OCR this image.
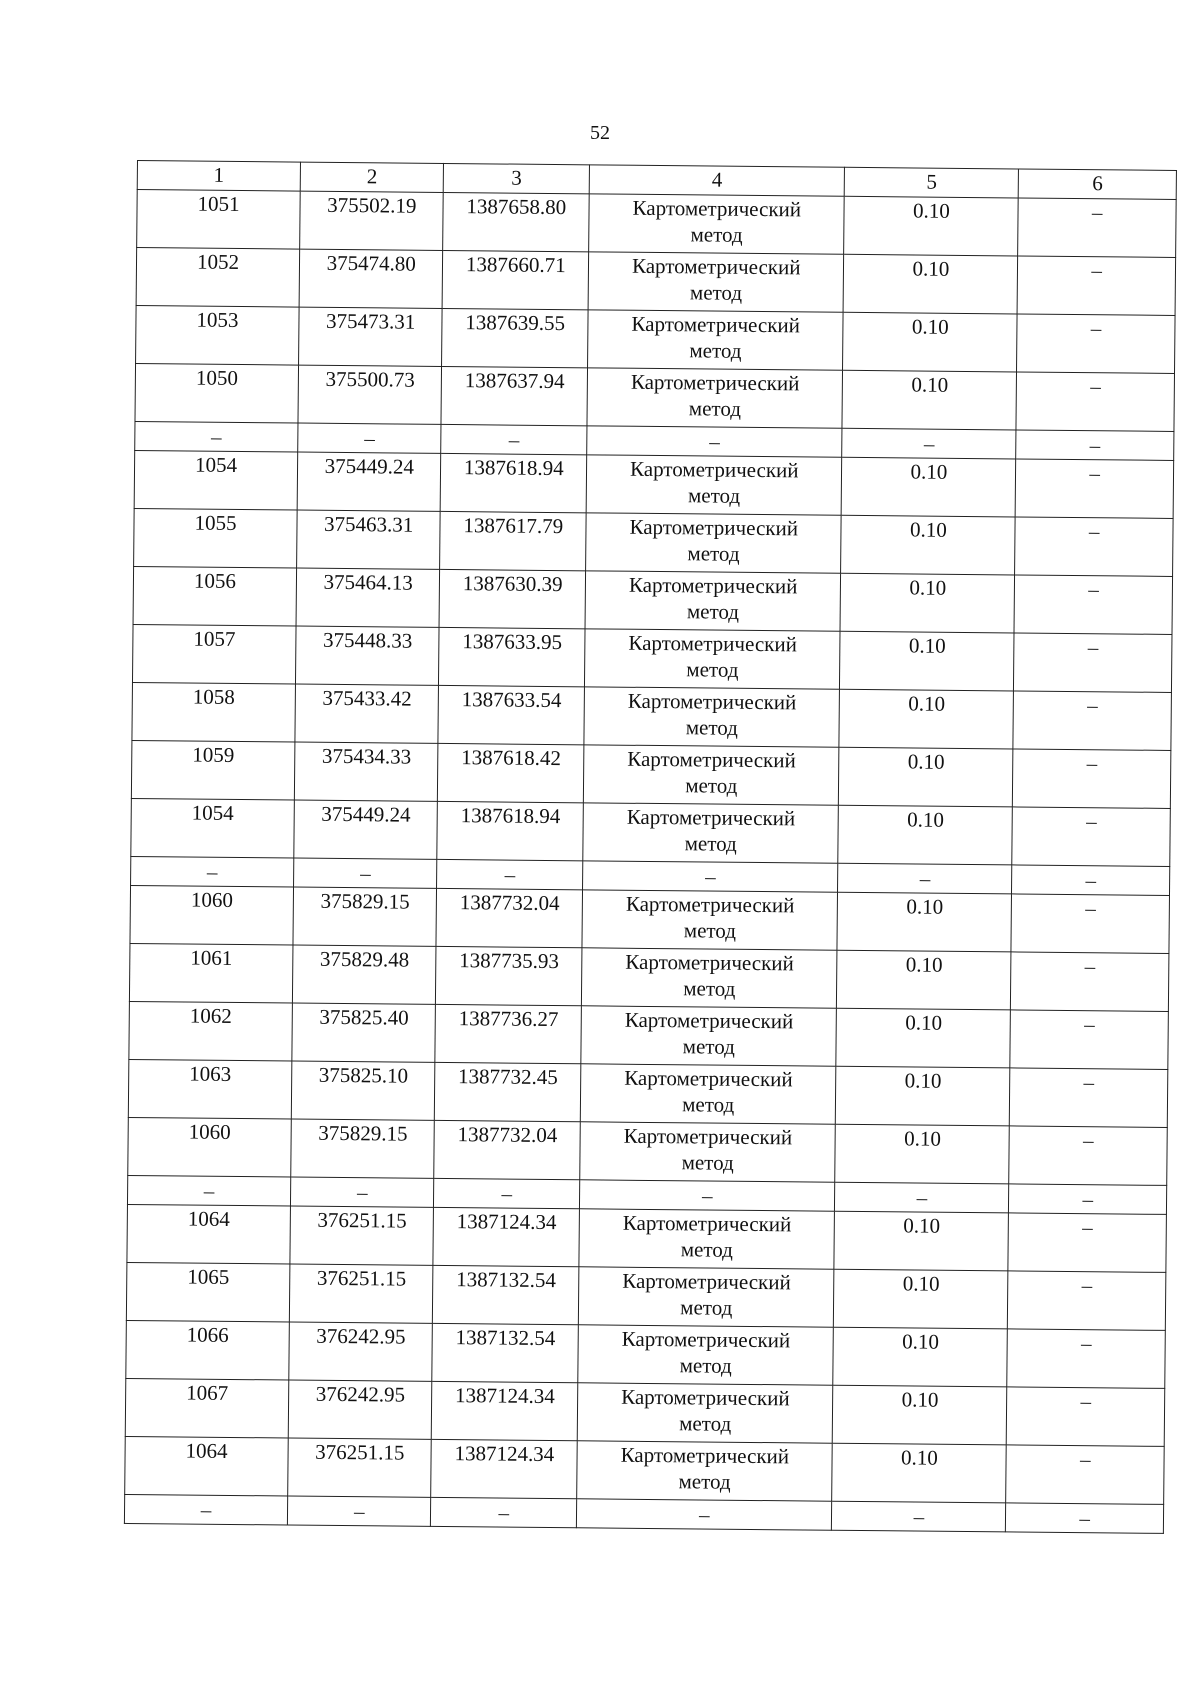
52
1	2	3	4	5	6
1051	375502.19	1387658.80	Картометрический
метод	0.10	–
1052	375474.80	1387660.71	Картометрический
метод	0.10	–
1053	375473.31	1387639.55	Картометрический
метод	0.10	–
1050	375500.73	1387637.94	Картометрический
метод	0.10	–
–	–	–	–	–	–
1054	375449.24	1387618.94	Картометрический
метод	0.10	–
1055	375463.31	1387617.79	Картометрический
метод	0.10	–
1056	375464.13	1387630.39	Картометрический
метод	0.10	–
1057	375448.33	1387633.95	Картометрический
метод	0.10	–
1058	375433.42	1387633.54	Картометрический
метод	0.10	–
1059	375434.33	1387618.42	Картометрический
метод	0.10	–
1054	375449.24	1387618.94	Картометрический
метод	0.10	–
–	–	–	–	–	–
1060	375829.15	1387732.04	Картометрический
метод	0.10	–
1061	375829.48	1387735.93	Картометрический
метод	0.10	–
1062	375825.40	1387736.27	Картометрический
метод	0.10	–
1063	375825.10	1387732.45	Картометрический
метод	0.10	–
1060	375829.15	1387732.04	Картометрический
метод	0.10	–
–	–	–	–	–	–
1064	376251.15	1387124.34	Картометрический
метод	0.10	–
1065	376251.15	1387132.54	Картометрический
метод	0.10	–
1066	376242.95	1387132.54	Картометрический
метод	0.10	–
1067	376242.95	1387124.34	Картометрический
метод	0.10	–
1064	376251.15	1387124.34	Картометрический
метод	0.10	–
–	–	–	–	–	–
